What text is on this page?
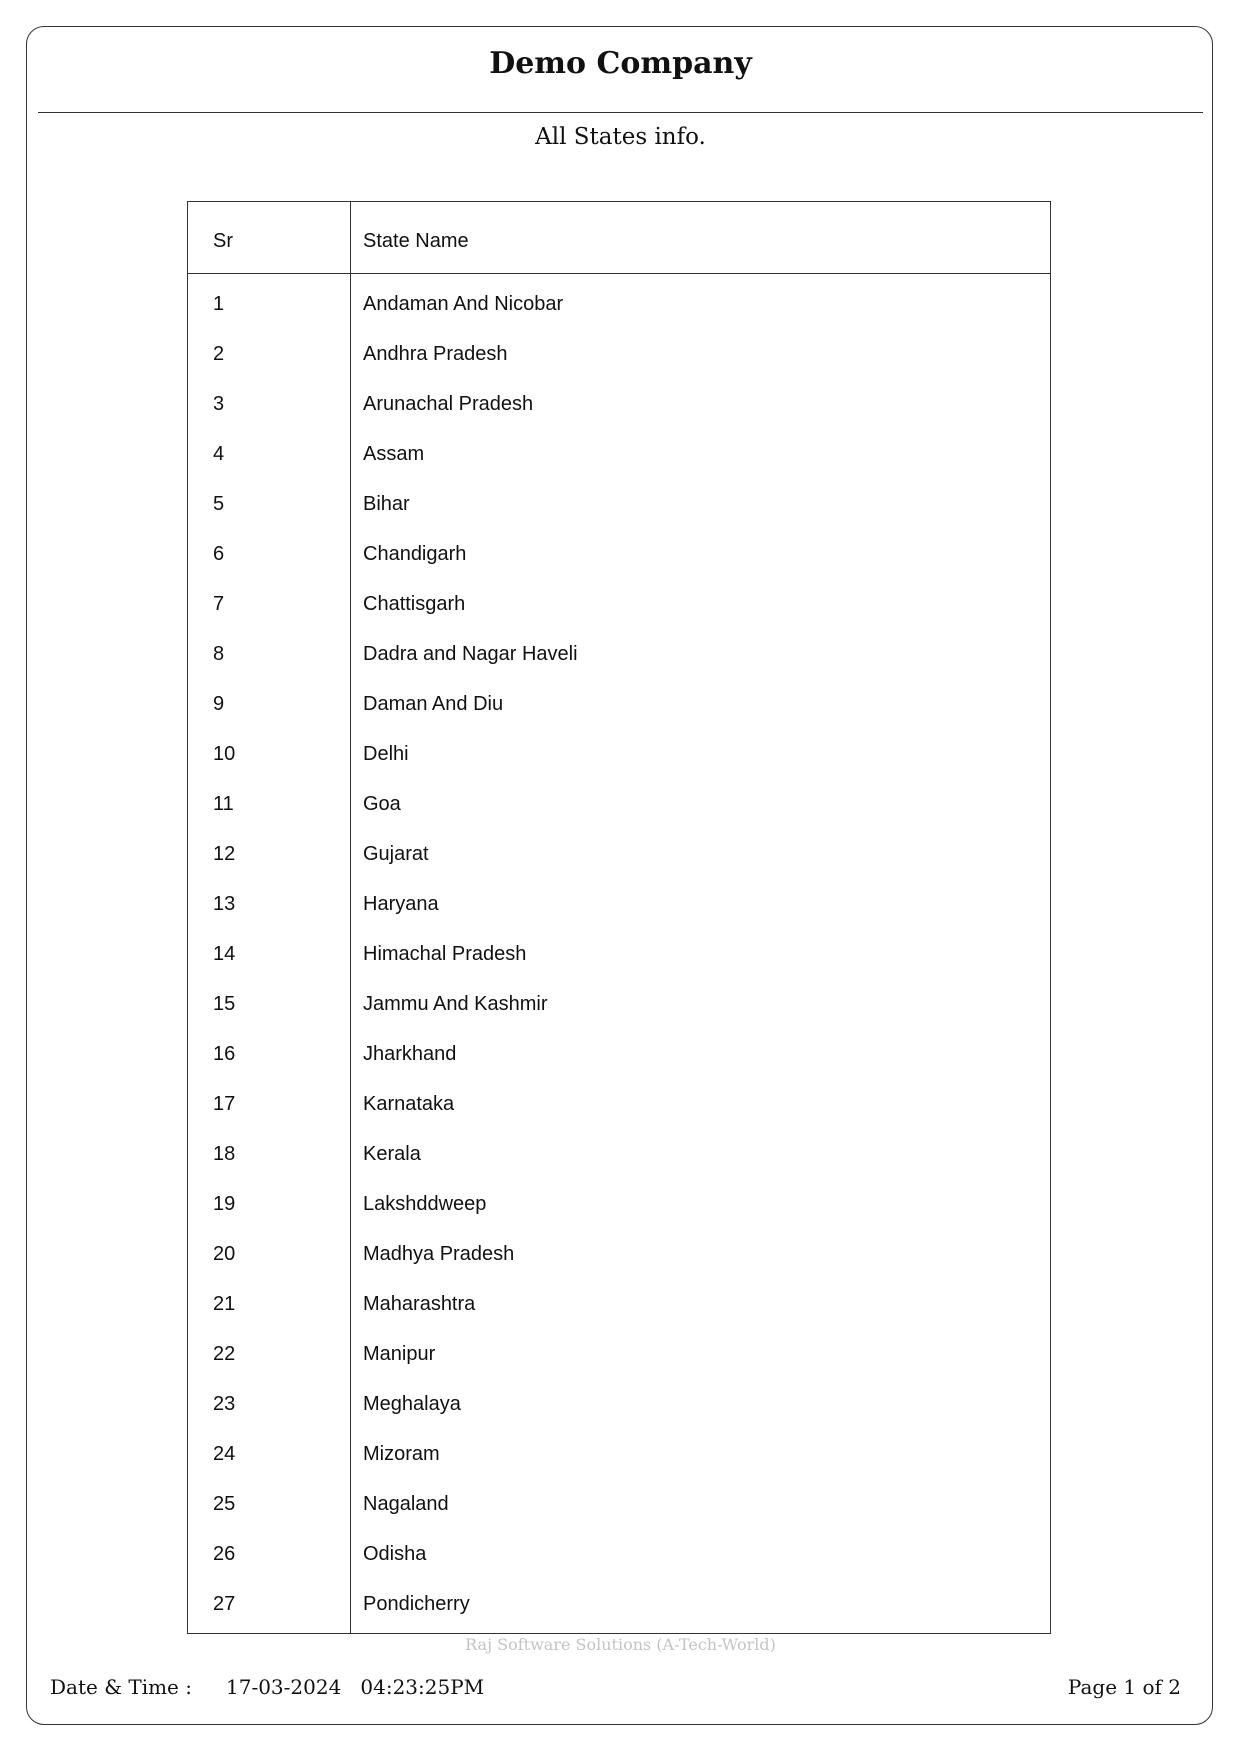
Demo Company
All States info.
Sr	State Name
1	Andaman And Nicobar
2	Andhra Pradesh
3	Arunachal Pradesh
4	Assam
5	Bihar
6	Chandigarh
7	Chattisgarh
8	Dadra and Nagar Haveli
9	Daman And Diu
10	Delhi
11	Goa
12	Gujarat
13	Haryana
14	Himachal Pradesh
15	Jammu And Kashmir
16	Jharkhand
17	Karnataka
18	Kerala
19	Lakshddweep
20	Madhya Pradesh
21	Maharashtra
22	Manipur
23	Meghalaya
24	Mizoram
25	Nagaland
26	Odisha
27	Pondicherry
Raj Software Solutions (A-Tech-World)
Date & Time : 17-03-2024   04:23:25PM	Page 1 of 2
